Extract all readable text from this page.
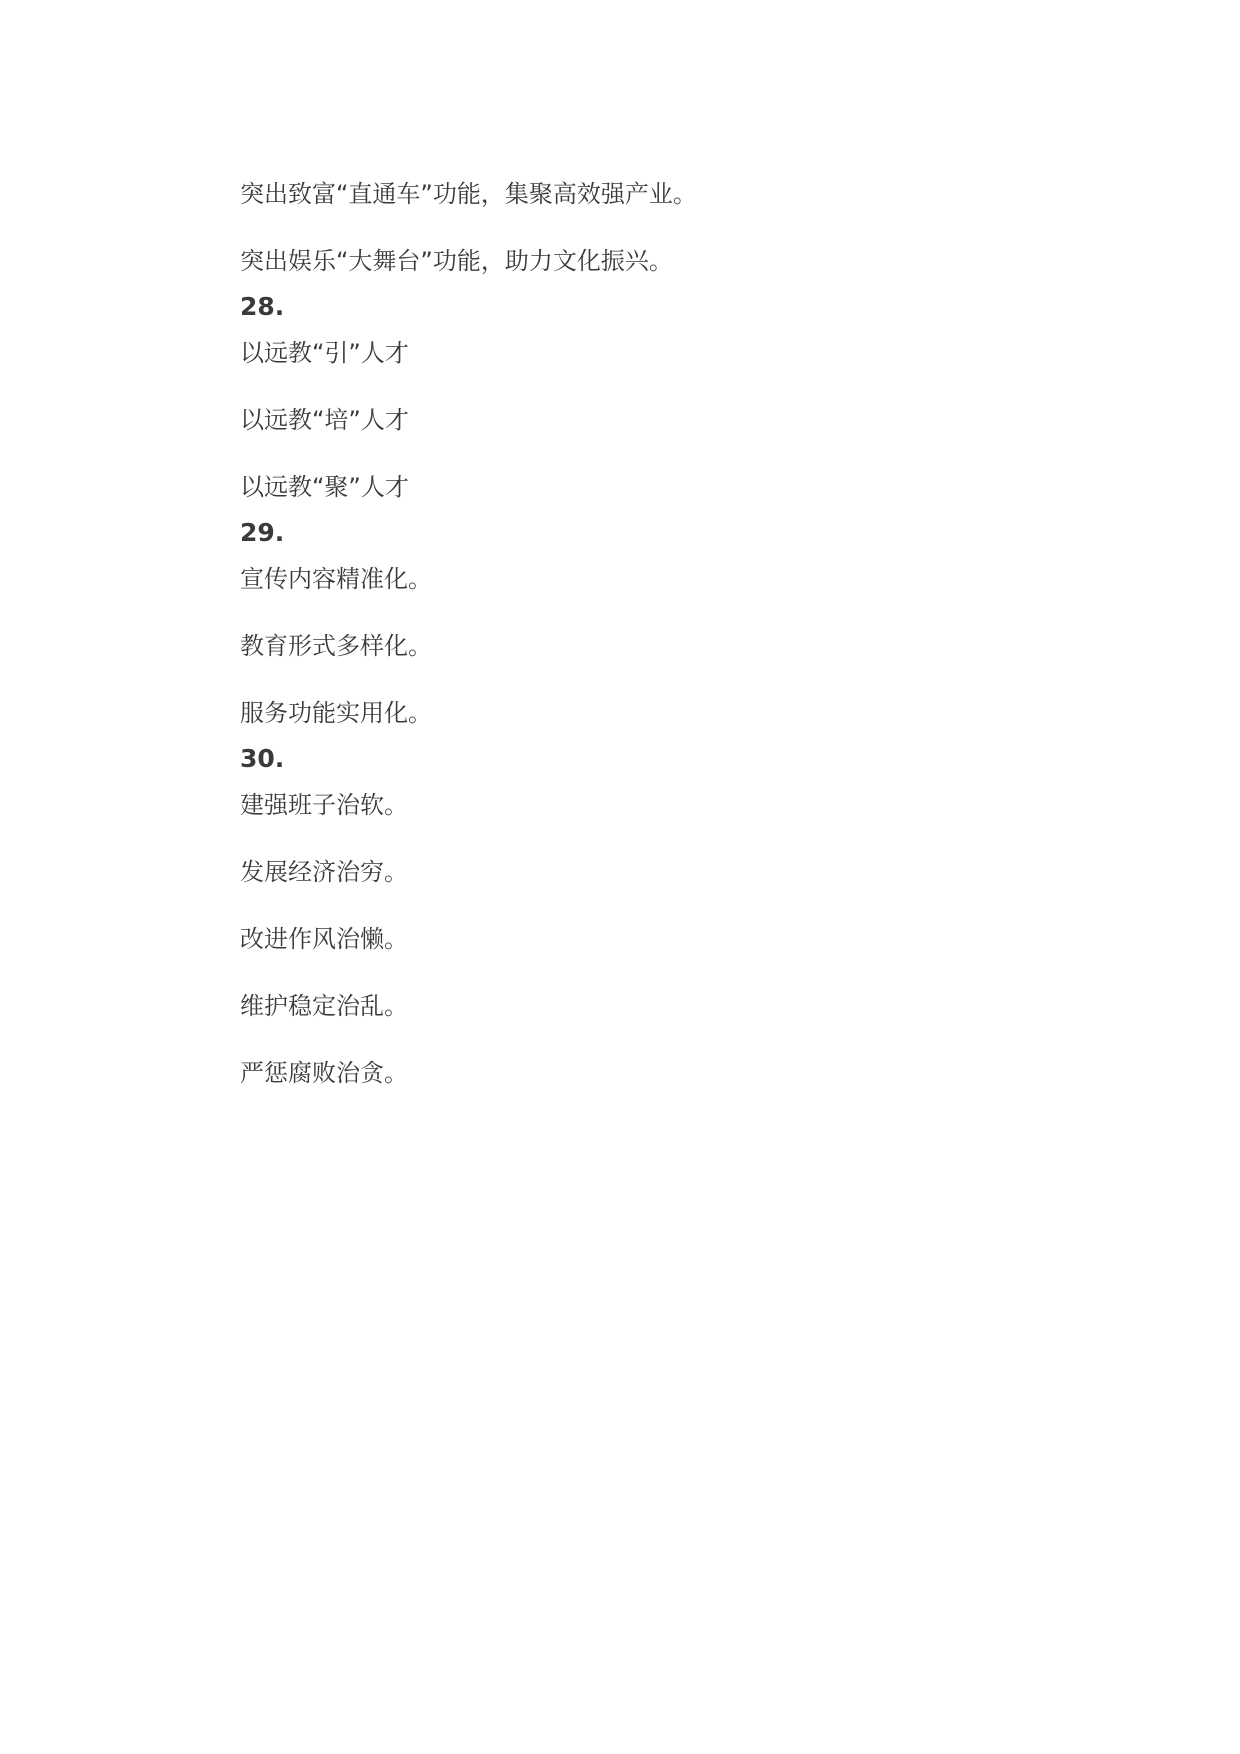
突出致富“直通车”功能，集聚高效强产业。
突出娱乐“大舞台”功能，助力文化振兴。
28.
以远教“引”人才
以远教“培”人才
以远教“聚”人才
29.
宣传内容精准化。
教育形式多样化。
服务功能实用化。
30.
建强班子治软。
发展经济治穷。
改进作风治懒。
维护稳定治乱。
严惩腐败治贪。
